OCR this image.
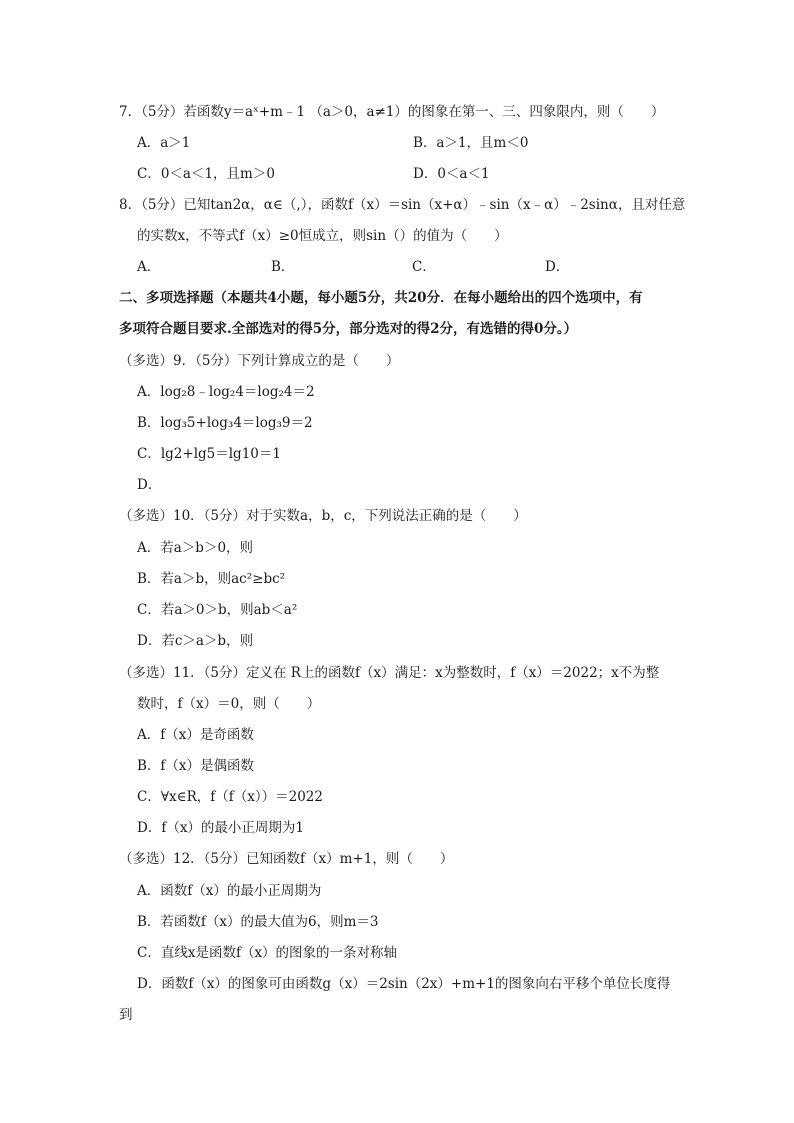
7．（5分）若函数y＝aˣ+m﹣1 （a＞0，a≠1）的图象在第一、三、四象限内，则（　　）
A．a＞1	B．a＞1，且m＜0
C．0＜a＜1，且m＞0	D．0＜a＜1
8．（5分）已知tan2α，α∈（,），函数f（x）＝sin（x+α）﹣sin（x﹣α）﹣2sinα，且对任意
的实数x，不等式f（x）≥0恒成立，则sin（）的值为（　　）
A．	B．	C．	D．
二、多项选择题（本题共4小题，每小题5分，共20分．在每小题给出的四个选项中，有
多项符合题目要求.全部选对的得5分，部分选对的得2分，有选错的得0分。）
（多选）9．（5分）下列计算成立的是（　　）
A．log₂8﹣log₂4＝log₂4＝2
B．log₃5+log₃4＝log₃9＝2
C．lg2+lg5＝lg10＝1
D．
（多选）10．（5分）对于实数a，b，c，下列说法正确的是（　　）
A．若a＞b＞0，则
B．若a＞b，则ac²≥bc²
C．若a＞0＞b，则ab＜a²
D．若c＞a＞b，则
（多选）11．（5分）定义在 R上的函数f（x）满足：x为整数时，f（x）＝2022；x不为整
数时，f（x）＝0，则（　　）
A．f（x）是奇函数
B．f（x）是偶函数
C．∀x∈R，f（f（x））＝2022
D．f（x）的最小正周期为1
（多选）12．（5分）已知函数f（x）m+1，则（　　）
A．函数f（x）的最小正周期为
B．若函数f（x）的最大值为6，则m＝3
C．直线x是函数f（x）的图象的一条对称轴
D．函数f（x）的图象可由函数g（x）＝2sin（2x）+m+1的图象向右平移个单位长度得
到
